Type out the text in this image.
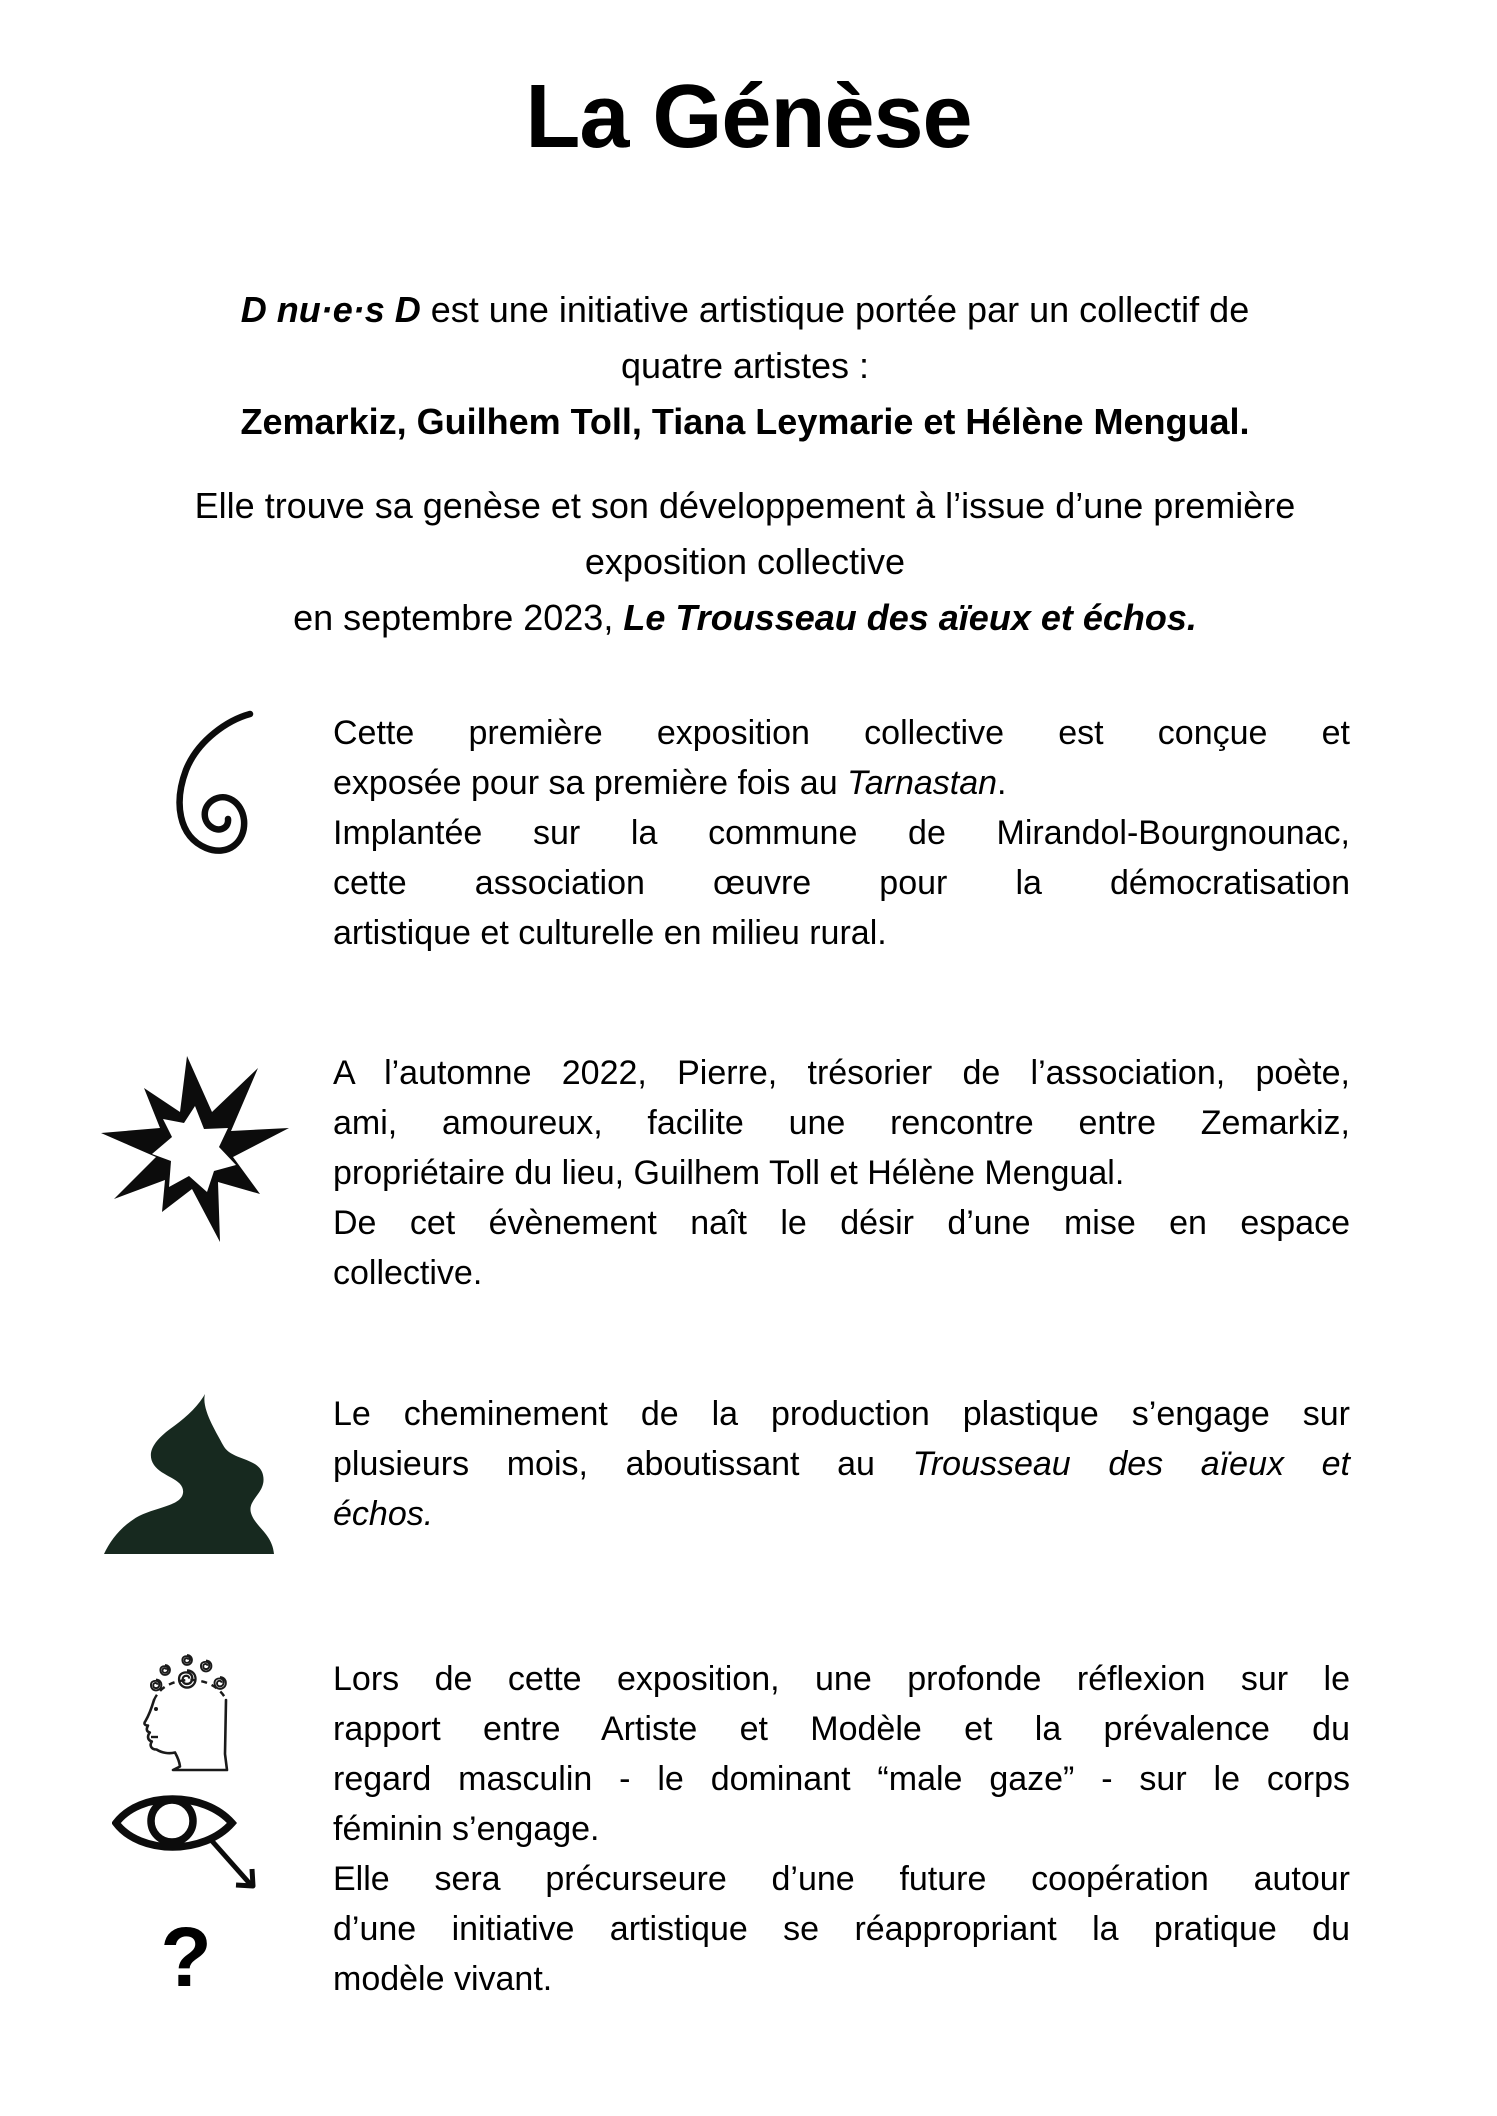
La Génèse
D nu·e·s D est une initiative artistique portée par un collectif de
quatre artistes :
Zemarkiz, Guilhem Toll, Tiana Leymarie et Hélène Mengual.
Elle trouve sa genèse et son développement à l’issue d’une première
exposition collective
en septembre 2023, Le Trousseau des aïeux et échos.
Cette première exposition collective est conçue et
exposée pour sa première fois au Tarnastan.
Implantée sur la commune de Mirandol-Bourgnounac,
cette association œuvre pour la démocratisation
artistique et culturelle en milieu rural.
A l’automne 2022, Pierre, trésorier de l’association, poète,
ami, amoureux, facilite une rencontre entre Zemarkiz,
propriétaire du lieu, Guilhem Toll et Hélène Mengual.
De cet évènement naît le désir d’une mise en espace
collective.
Le cheminement de la production plastique s’engage sur
plusieurs mois, aboutissant au Trousseau des aïeux et
échos.
?
Lors de cette exposition, une profonde réflexion sur le
rapport entre Artiste et Modèle et la prévalence du
regard masculin - le dominant “male gaze” - sur le corps
féminin s’engage.
Elle sera précurseure d’une future coopération autour
d’une initiative artistique se réappropriant la pratique du
modèle vivant.
